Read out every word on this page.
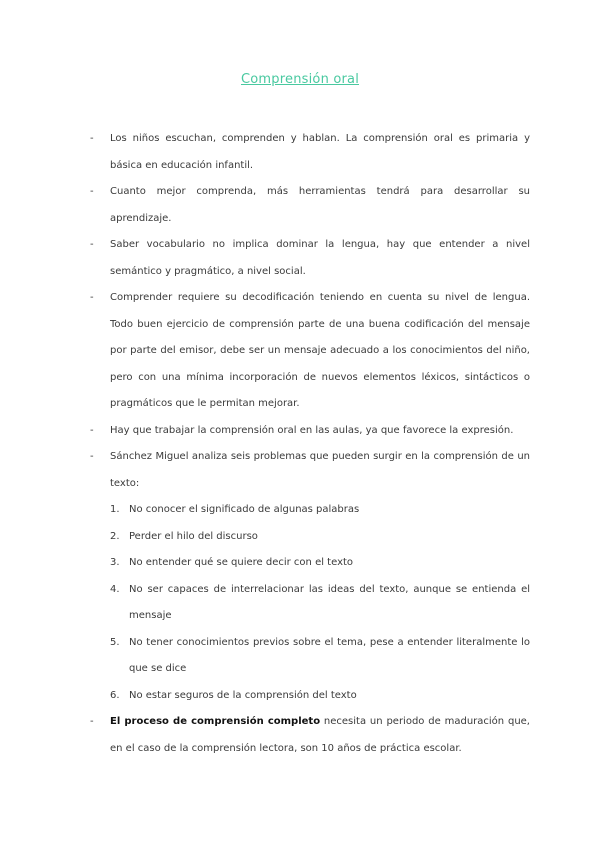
Comprensión oral
- Los niños escuchan, comprenden y hablan. La comprensión oral es primaria y básica en educación infantil.
- Cuanto mejor comprenda, más herramientas tendrá para desarrollar su aprendizaje.
- Saber vocabulario no implica dominar la lengua, hay que entender a nivel semántico y pragmático, a nivel social.
- Comprender requiere su decodificación teniendo en cuenta su nivel de lengua. Todo buen ejercicio de comprensión parte de una buena codificación del mensaje por parte del emisor, debe ser un mensaje adecuado a los conocimientos del niño, pero con una mínima incorporación de nuevos elementos léxicos, sintácticos o pragmáticos que le permitan mejorar.
- Hay que trabajar la comprensión oral en las aulas, ya que favorece la expresión.
- Sánchez Miguel analiza seis problemas que pueden surgir en la comprensión de un texto:
1. No conocer el significado de algunas palabras
2. Perder el hilo del discurso
3. No entender qué se quiere decir con el texto
4. No ser capaces de interrelacionar las ideas del texto, aunque se entienda el mensaje
5. No tener conocimientos previos sobre el tema, pese a entender literalmente lo que se dice
6. No estar seguros de la comprensión del texto
- El proceso de comprensión completo necesita un periodo de maduración que, en el caso de la comprensión lectora, son 10 años de práctica escolar.
